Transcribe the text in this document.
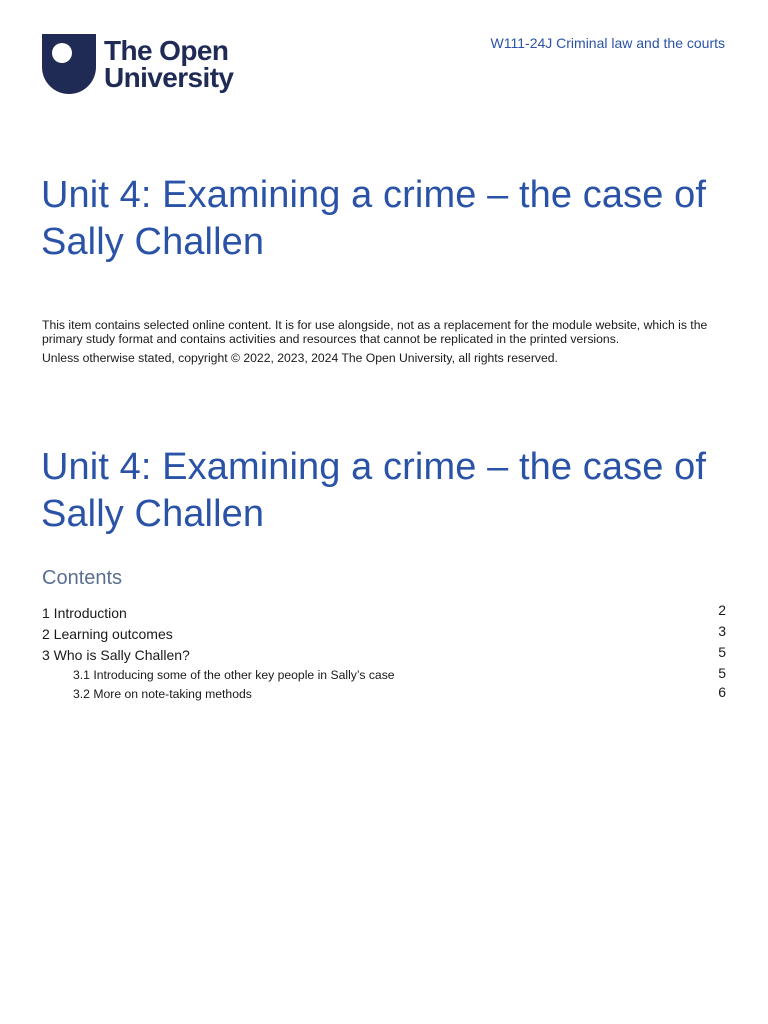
The Open
University
W111-24J Criminal law and the courts
Unit 4: Examining a crime – the case of Sally Challen

This item contains selected online content. It is for use alongside, not as a replacement for the module website, which is the primary study format and contains activities and resources that cannot be replicated in the printed versions.

Unless otherwise stated, copyright © 2022, 2023, 2024 The Open University, all rights reserved.

Unit 4: Examining a crime – the case of Sally Challen
Contents
1 Introduction	2
2 Learning outcomes	3
3 Who is Sally Challen?	5
3.1 Introducing some of the other key people in Sally’s case	5
3.2 More on note-taking methods	6
